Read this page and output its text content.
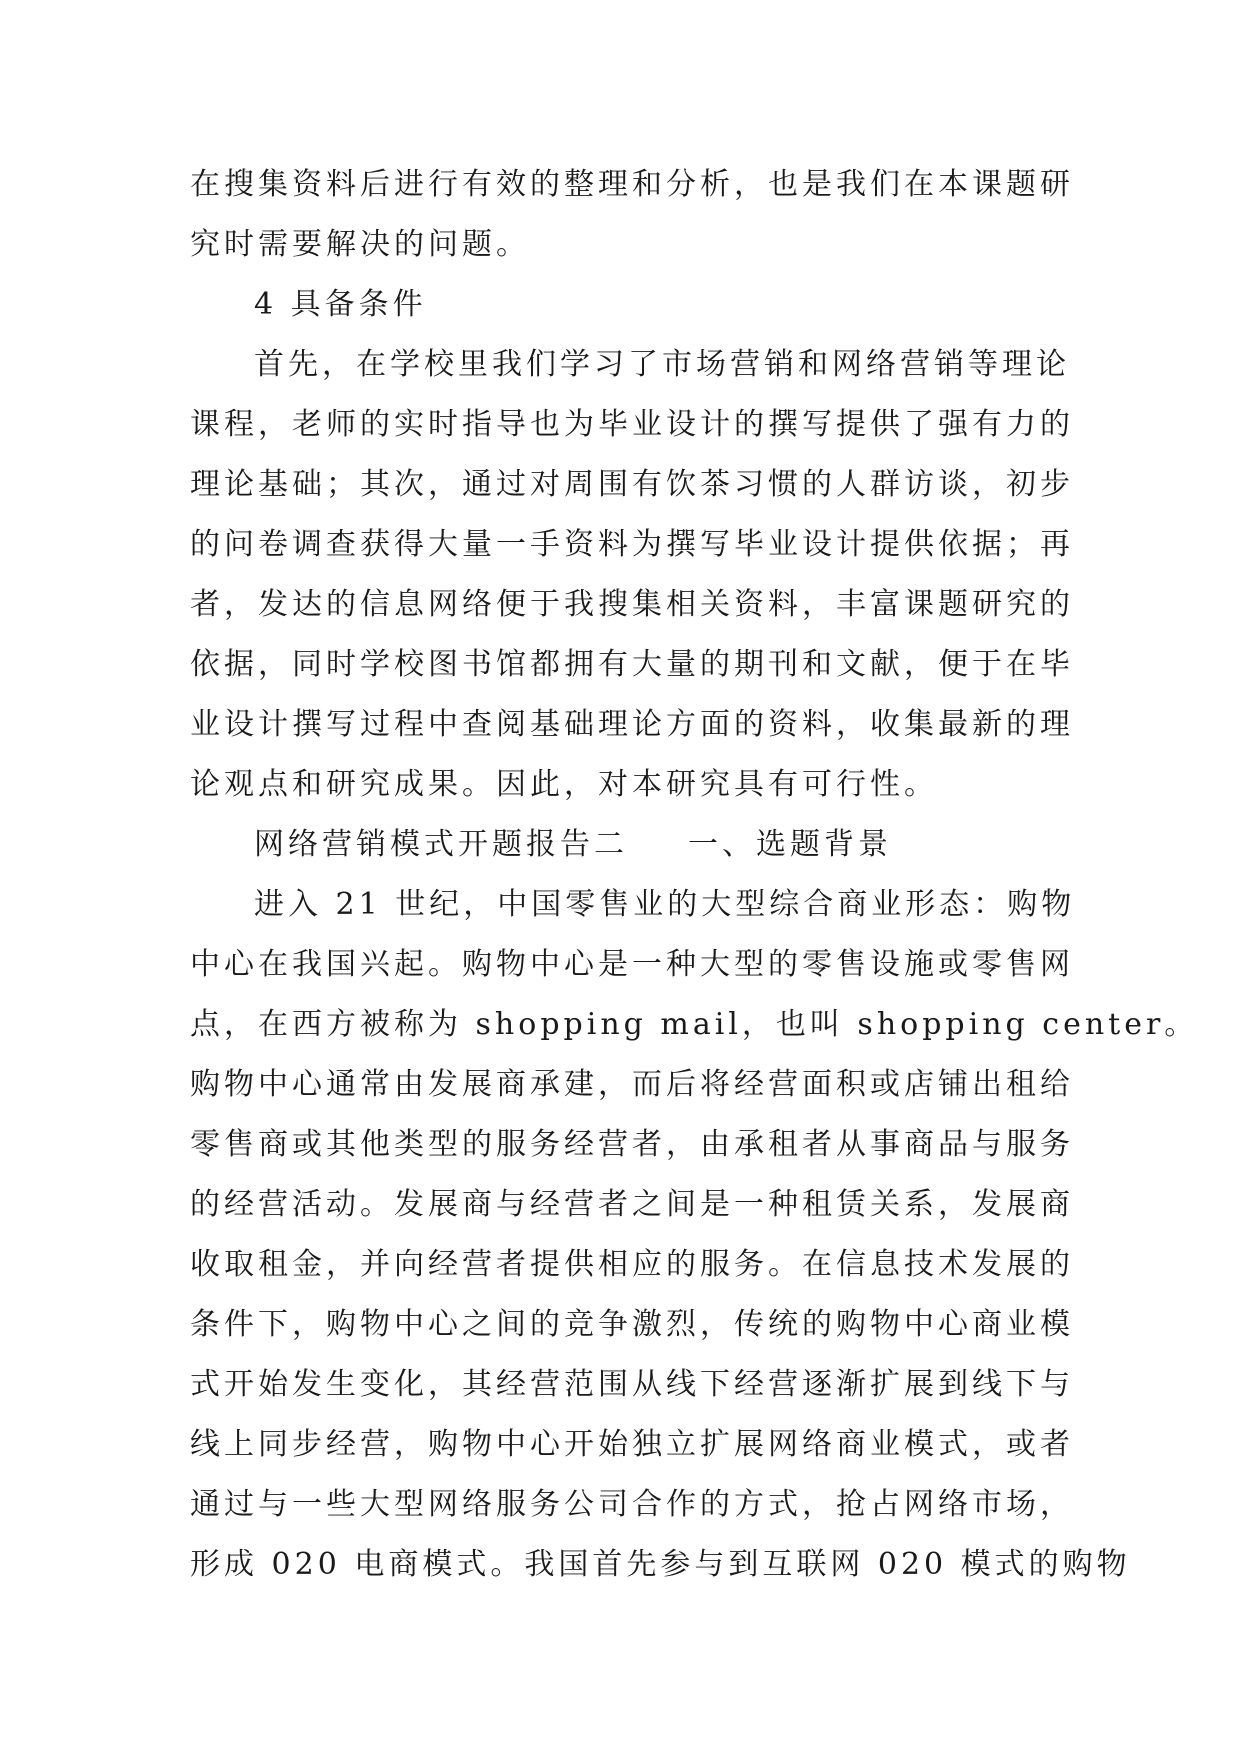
在搜集资料后进行有效的整理和分析，也是我们在本课题研
究时需要解决的问题。
4 具备条件
首先，在学校里我们学习了市场营销和网络营销等理论
课程，老师的实时指导也为毕业设计的撰写提供了强有力的
理论基础；其次，通过对周围有饮茶习惯的人群访谈，初步
的问卷调查获得大量一手资料为撰写毕业设计提供依据；再
者，发达的信息网络便于我搜集相关资料，丰富课题研究的
依据，同时学校图书馆都拥有大量的期刊和文献，便于在毕
业设计撰写过程中查阅基础理论方面的资料，收集最新的理
论观点和研究成果。因此，对本研究具有可行性。
网络营销模式开题报告二 一、选题背景
进入 21 世纪，中国零售业的大型综合商业形态：购物
中心在我国兴起。购物中心是一种大型的零售设施或零售网
点，在西方被称为 shopping mail，也叫 shopping center。
购物中心通常由发展商承建，而后将经营面积或店铺出租给
零售商或其他类型的服务经营者，由承租者从事商品与服务
的经营活动。发展商与经营者之间是一种租赁关系，发展商
收取租金，并向经营者提供相应的服务。在信息技术发展的
条件下，购物中心之间的竞争激烈，传统的购物中心商业模
式开始发生变化，其经营范围从线下经营逐渐扩展到线下与
线上同步经营，购物中心开始独立扩展网络商业模式，或者
通过与一些大型网络服务公司合作的方式，抢占网络市场，
形成 020 电商模式。我国首先参与到互联网 020 模式的购物
